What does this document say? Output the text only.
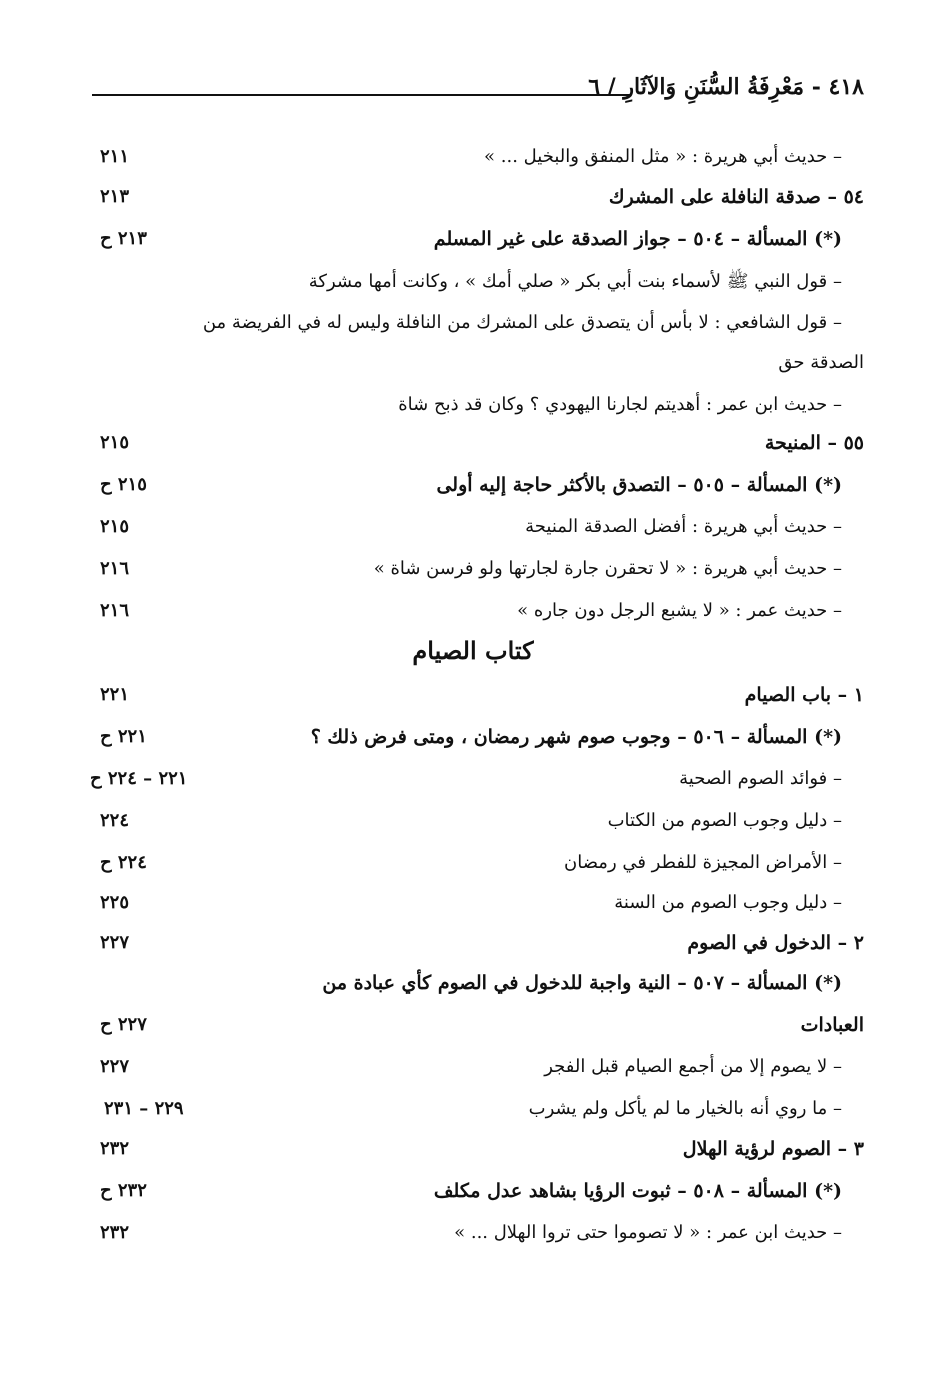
٤١٨ - مَعْرِفَةُ السُّنَنِ وَالآثَارِ / ٦
– حديث أبي هريرة : « مثل المنفق والبخيل ... »
٢١١
٥٤ – صدقة النافلة على المشرك
٢١٣
(*) المسألة – ٥٠٤ – جواز الصدقة على غير المسلم
٢١٣ ح
– قول النبي ﷺ لأسماء بنت أبي بكر « صلي أمك » ، وكانت أمها مشركة
– قول الشافعي : لا بأس أن يتصدق على المشرك من النافلة وليس له في الفريضة من
الصدقة حق
– حديث ابن عمر : أهديتم لجارنا اليهودي ؟ وكان قد ذبح شاة
٥٥ – المنيحة
٢١٥
(*) المسألة – ٥٠٥ – التصدق بالأكثر حاجة إليه أولى
٢١٥ ح
– حديث أبي هريرة : أفضل الصدقة المنيحة
٢١٥
– حديث أبي هريرة : « لا تحقرن جارة لجارتها ولو فرسن شاة »
٢١٦
– حديث عمر : « لا يشبع الرجل دون جاره »
٢١٦
كتاب الصيام
١ – باب الصيام
٢٢١
(*) المسألة – ٥٠٦ – وجوب صوم شهر رمضان ، ومتى فرض ذلك ؟
٢٢١ ح
– فوائد الصوم الصحية
٢٢١ – ٢٢٤ ح
– دليل وجوب الصوم من الكتاب
٢٢٤
– الأمراض المجيزة للفطر في رمضان
٢٢٤ ح
– دليل وجوب الصوم من السنة
٢٢٥
٢ – الدخول في الصوم
٢٢٧
(*) المسألة – ٥٠٧ – النية واجبة للدخول في الصوم كأي عبادة من
العبادات
٢٢٧ ح
– لا يصوم إلا من أجمع الصيام قبل الفجر
٢٢٧
– ما روي أنه بالخيار ما لم يأكل ولم يشرب
٢٢٩ – ٢٣١
٣ – الصوم لرؤية الهلال
٢٣٢
(*) المسألة – ٥٠٨ – ثبوت الرؤيا بشاهد عدل مكلف
٢٣٢ ح
– حديث ابن عمر : « لا تصوموا حتى تروا الهلال ... »
٢٣٢
